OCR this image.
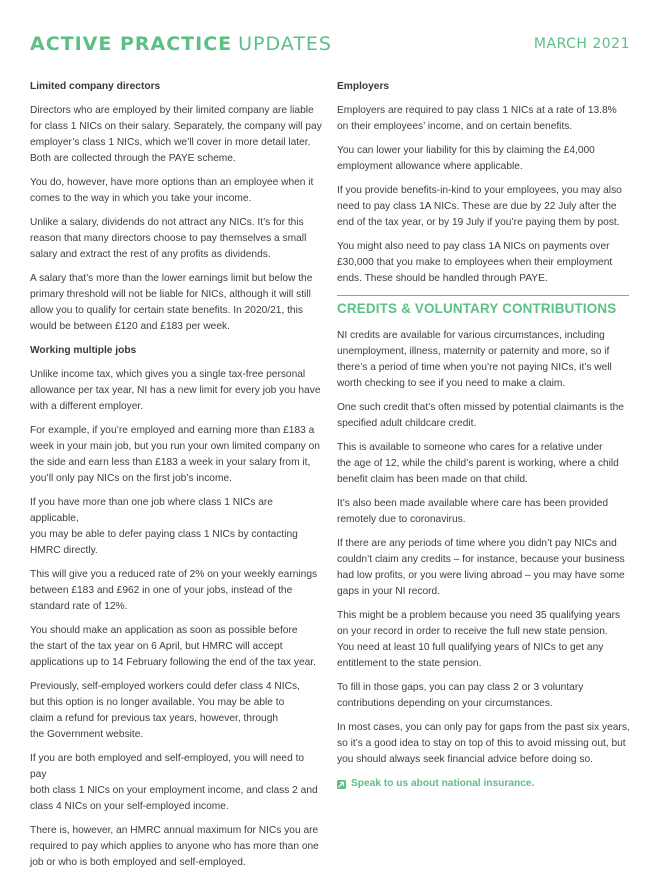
ACTIVE PRACTICE UPDATES	MARCH 2021
Limited company directors

Directors who are employed by their limited company are liable
for class 1 NICs on their salary. Separately, the company will pay
employer’s class 1 NICs, which we’ll cover in more detail later.
Both are collected through the PAYE scheme.

You do, however, have more options than an employee when it
comes to the way in which you take your income.

Unlike a salary, dividends do not attract any NICs. It’s for this
reason that many directors choose to pay themselves a small
salary and extract the rest of any profits as dividends.

A salary that’s more than the lower earnings limit but below the
primary threshold will not be liable for NICs, although it will still
allow you to qualify for certain state benefits. In 2020/21, this
would be between £120 and £183 per week.

Working multiple jobs

Unlike income tax, which gives you a single tax-free personal
allowance per tax year, NI has a new limit for every job you have
with a different employer.

For example, if you’re employed and earning more than £183 a
week in your main job, but you run your own limited company on
the side and earn less than £183 a week in your salary from it,
you’ll only pay NICs on the first job’s income.

If you have more than one job where class 1 NICs are applicable,
you may be able to defer paying class 1 NICs by contacting
HMRC directly.

This will give you a reduced rate of 2% on your weekly earnings
between £183 and £962 in one of your jobs, instead of the
standard rate of 12%.

You should make an application as soon as possible before
the start of the tax year on 6 April, but HMRC will accept
applications up to 14 February following the end of the tax year.

Previously, self-employed workers could defer class 4 NICs,
but this option is no longer available. You may be able to
claim a refund for previous tax years, however, through
the Government website.

If you are both employed and self-employed, you will need to pay
both class 1 NICs on your employment income, and class 2 and
class 4 NICs on your self-employed income.

There is, however, an HMRC annual maximum for NICs you are
required to pay which applies to anyone who has more than one
job or who is both employed and self-employed.

Employers

Employers are required to pay class 1 NICs at a rate of 13.8%
on their employees’ income, and on certain benefits.

You can lower your liability for this by claiming the £4,000
employment allowance where applicable.

If you provide benefits-in-kind to your employees, you may also
need to pay class 1A NICs. These are due by 22 July after the
end of the tax year, or by 19 July if you’re paying them by post.

You might also need to pay class 1A NICs on payments over
£30,000 that you make to employees when their employment
ends. These should be handled through PAYE.

CREDITS & VOLUNTARY CONTRIBUTIONS

NI credits are available for various circumstances, including
unemployment, illness, maternity or paternity and more, so if
there’s a period of time when you’re not paying NICs, it’s well
worth checking to see if you need to make a claim.

One such credit that’s often missed by potential claimants is the
specified adult childcare credit.

This is available to someone who cares for a relative under
the age of 12, while the child’s parent is working, where a child
benefit claim has been made on that child.

It’s also been made available where care has been provided
remotely due to coronavirus.

If there are any periods of time where you didn’t pay NICs and
couldn’t claim any credits – for instance, because your business
had low profits, or you were living abroad – you may have some
gaps in your NI record.

This might be a problem because you need 35 qualifying years
on your record in order to receive the full new state pension.
You need at least 10 full qualifying years of NICs to get any
entitlement to the state pension.

To fill in those gaps, you can pay class 2 or 3 voluntary
contributions depending on your circumstances.

In most cases, you can only pay for gaps from the past six years,
so it’s a good idea to stay on top of this to avoid missing out, but
you should always seek financial advice before doing so.

Speak to us about national insurance.
